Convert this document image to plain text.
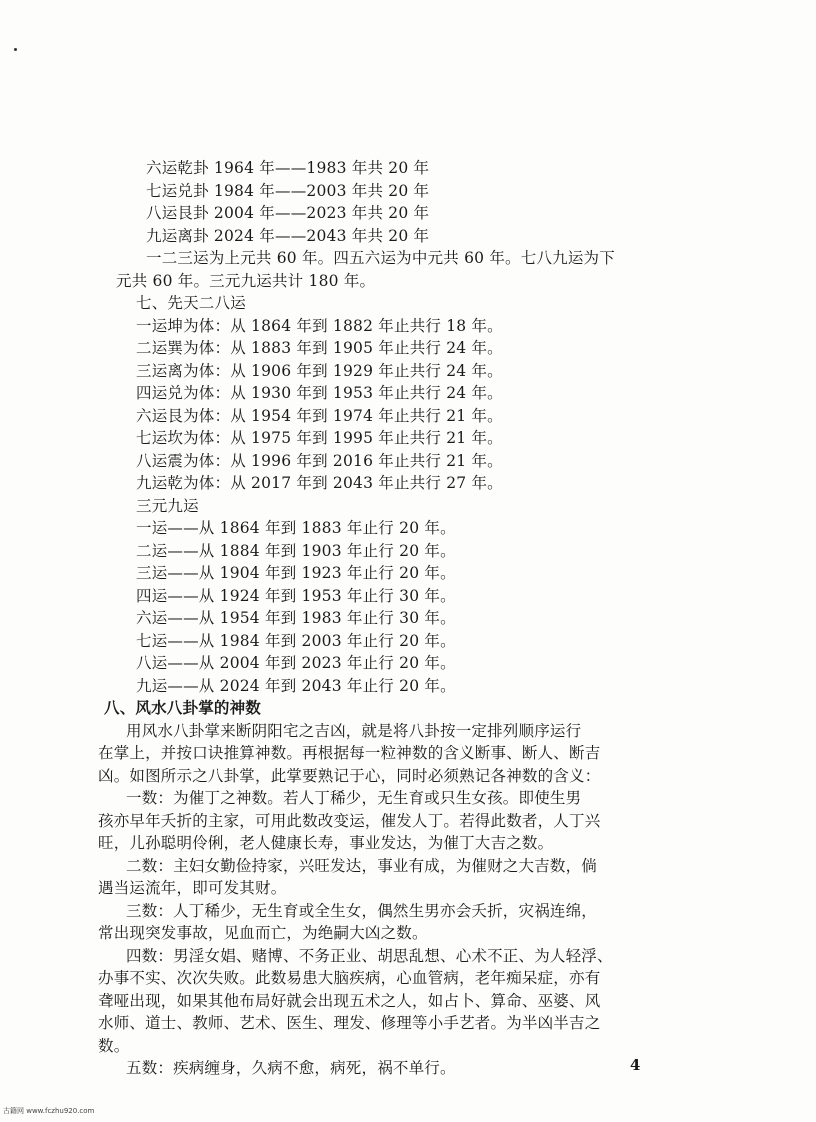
六运乾卦 1964 年——1983 年共 20 年
七运兑卦 1984 年——2003 年共 20 年
八运艮卦 2004 年——2023 年共 20 年
九运离卦 2024 年——2043 年共 20 年
一二三运为上元共 60 年。四五六运为中元共 60 年。七八九运为下
元共 60 年。三元九运共计 180 年。
七、先天二八运
一运坤为体：从 1864 年到 1882 年止共行 18 年。
二运巽为体：从 1883 年到 1905 年止共行 24 年。
三运离为体：从 1906 年到 1929 年止共行 24 年。
四运兑为体：从 1930 年到 1953 年止共行 24 年。
六运艮为体：从 1954 年到 1974 年止共行 21 年。
七运坎为体：从 1975 年到 1995 年止共行 21 年。
八运震为体：从 1996 年到 2016 年止共行 21 年。
九运乾为体：从 2017 年到 2043 年止共行 27 年。
三元九运
一运——从 1864 年到 1883 年止行 20 年。
二运——从 1884 年到 1903 年止行 20 年。
三运——从 1904 年到 1923 年止行 20 年。
四运——从 1924 年到 1953 年止行 30 年。
六运——从 1954 年到 1983 年止行 30 年。
七运——从 1984 年到 2003 年止行 20 年。
八运——从 2004 年到 2023 年止行 20 年。
九运——从 2024 年到 2043 年止行 20 年。
八、风水八卦掌的神数
用风水八卦掌来断阴阳宅之吉凶，就是将八卦按一定排列顺序运行
在掌上，并按口诀推算神数。再根据每一粒神数的含义断事、断人、断吉
凶。如图所示之八卦掌，此掌要熟记于心，同时必须熟记各神数的含义：
一数：为催丁之神数。若人丁稀少，无生育或只生女孩。即使生男
孩亦早年夭折的主家，可用此数改变运，催发人丁。若得此数者，人丁兴
旺，儿孙聪明伶俐，老人健康长寿，事业发达，为催丁大吉之数。
二数：主妇女勤俭持家，兴旺发达，事业有成，为催财之大吉数，倘
遇当运流年，即可发其财。
三数：人丁稀少，无生育或全生女，偶然生男亦会夭折，灾祸连绵，
常出现突发事故，见血而亡，为绝嗣大凶之数。
四数：男淫女娼、赌博、不务正业、胡思乱想、心术不正、为人轻浮、
办事不实、次次失败。此数易患大脑疾病，心血管病，老年痴呆症，亦有
聋哑出现，如果其他布局好就会出现五术之人，如占卜、算命、巫婆、风
水师、道士、教师、艺术、医生、理发、修理等小手艺者。为半凶半吉之
数。
五数：疾病缠身，久病不愈，病死，祸不单行。	4
古籍网 www.fczhu920.com
